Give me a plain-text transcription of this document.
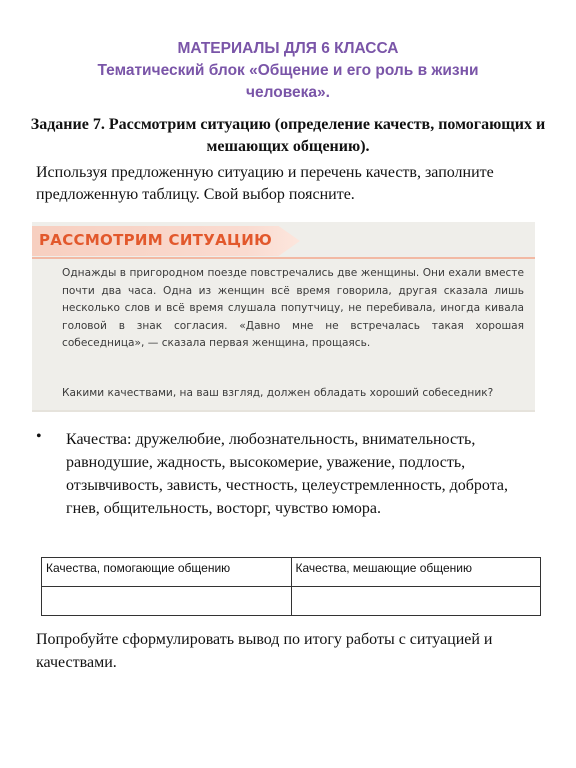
МАТЕРИАЛЫ ДЛЯ 6 КЛАССА
Тематический блок «Общение и его роль в жизни
человека».
Задание 7. Рассмотрим ситуацию (определение качеств, помогающих и мешающих общению).
Используя предложенную ситуацию и перечень качеств, заполните предложенную таблицу. Свой выбор поясните.
РАССМОТРИМ СИТУАЦИЮ
Однажды в пригородном поезде повстречались две женщины. Они ехали вместе почти два часа. Одна из женщин всё время говорила, другая сказала лишь несколько слов и всё время слушала попутчицу, не перебивала, иногда кивала головой в знак согласия. «Давно мне не встречалась такая хорошая собеседница», — сказала первая женщина, прощаясь.
Какими качествами, на ваш взгляд, должен обладать хороший собеседник?
• Качества: дружелюбие, любознательность, внимательность, равнодушие, жадность, высокомерие, уважение, подлость, отзывчивость, зависть, честность, целеустремленность, доброта, гнев, общительность, восторг, чувство юмора.
Качества, помогающие общению	Качества, мешающие общению

Попробуйте сформулировать вывод по итогу работы с ситуацией и качествами.
